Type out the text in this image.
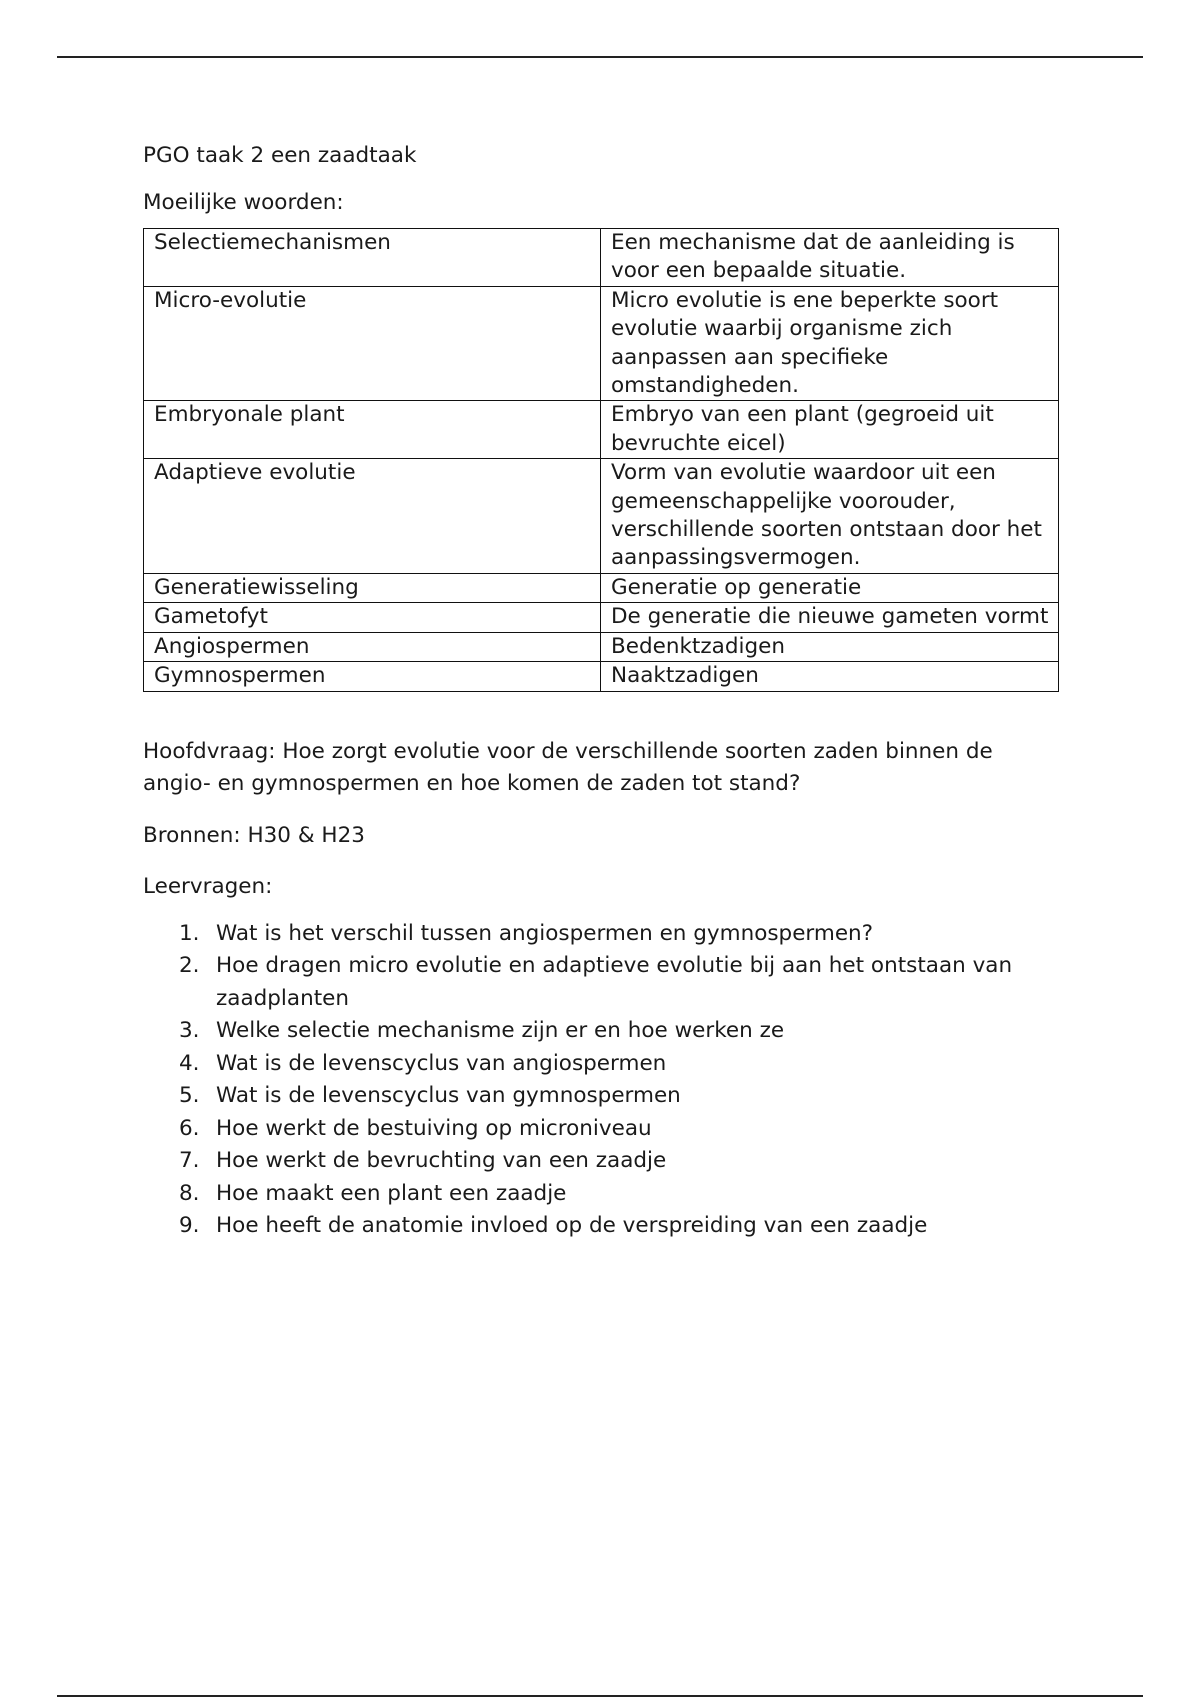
PGO taak 2 een zaadtaak

Moeilijke woorden:

Selectiemechanismen	Een mechanisme dat de aanleiding is voor een bepaalde situatie.
Micro-evolutie	Micro evolutie is ene beperkte soort evolutie waarbij organisme zich aanpassen aan specifieke omstandigheden.
Embryonale plant	Embryo van een plant (gegroeid uit bevruchte eicel)
Adaptieve evolutie	Vorm van evolutie waardoor uit een gemeenschappelijke voorouder, verschillende soorten ontstaan door het aanpassingsvermogen.
Generatiewisseling	Generatie op generatie
Gametofyt	De generatie die nieuwe gameten vormt
Angiospermen	Bedenktzadigen
Gymnospermen	Naaktzadigen

Hoofdvraag: Hoe zorgt evolutie voor de verschillende soorten zaden binnen de angio- en gymnospermen en hoe komen de zaden tot stand?

Bronnen: H30 & H23

Leervragen:

1. Wat is het verschil tussen angiospermen en gymnospermen?
2. Hoe dragen micro evolutie en adaptieve evolutie bij aan het ontstaan van zaadplanten
3. Welke selectie mechanisme zijn er en hoe werken ze
4. Wat is de levenscyclus van angiospermen
5. Wat is de levenscyclus van gymnospermen
6. Hoe werkt de bestuiving op microniveau
7. Hoe werkt de bevruchting van een zaadje
8. Hoe maakt een plant een zaadje
9. Hoe heeft de anatomie invloed op de verspreiding van een zaadje
